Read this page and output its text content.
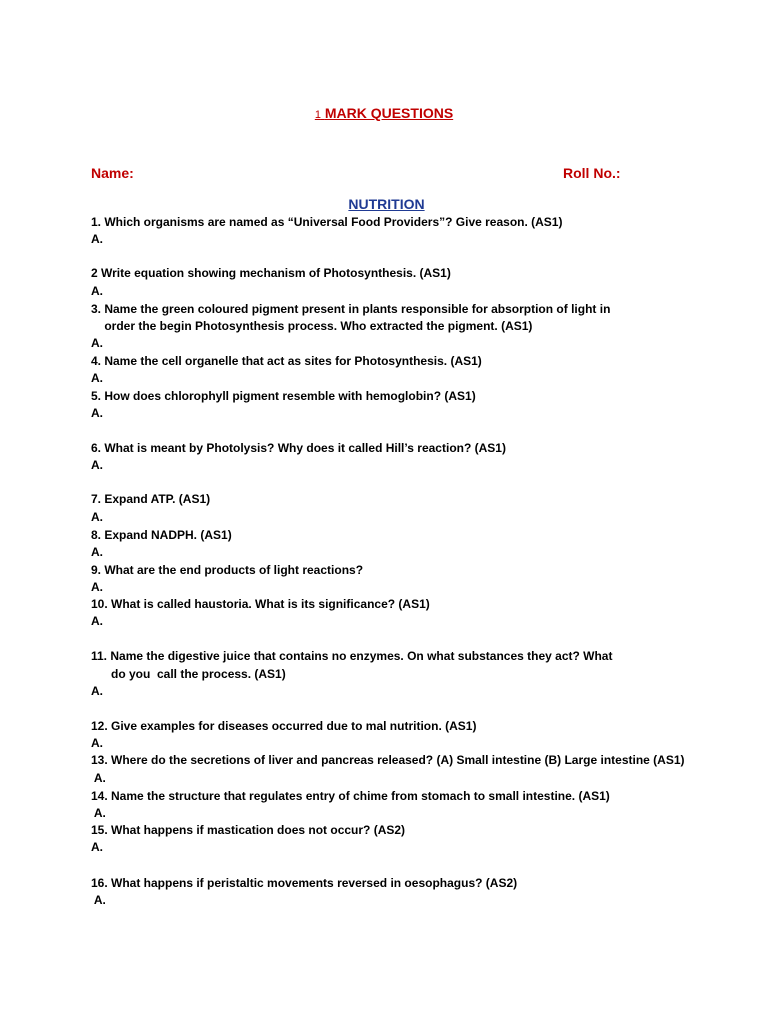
1 MARK QUESTIONS
Name:	Roll No.:
NUTRITION
1. Which organisms are named as “Universal Food Providers”? Give reason. (AS1)
A.
2 Write equation showing mechanism of Photosynthesis. (AS1)
A.
3. Name the green coloured pigment present in plants responsible for absorption of light in
order the begin Photosynthesis process. Who extracted the pigment. (AS1)
A.
4. Name the cell organelle that act as sites for Photosynthesis. (AS1)
A.
5. How does chlorophyll pigment resemble with hemoglobin? (AS1)
A.
6. What is meant by Photolysis? Why does it called Hill’s reaction? (AS1)
A.
7. Expand ATP. (AS1)
A.
8. Expand NADPH. (AS1)
A.
9. What are the end products of light reactions?
A.
10. What is called haustoria. What is its significance? (AS1)
A.
11. Name the digestive juice that contains no enzymes. On what substances they act? What
do you  call the process. (AS1)
A.
12. Give examples for diseases occurred due to mal nutrition. (AS1)
A.
13. Where do the secretions of liver and pancreas released? (A) Small intestine (B) Large intestine (AS1)
A.
14. Name the structure that regulates entry of chime from stomach to small intestine. (AS1)
A.
15. What happens if mastication does not occur? (AS2)
A.
16. What happens if peristaltic movements reversed in oesophagus? (AS2)
A.
